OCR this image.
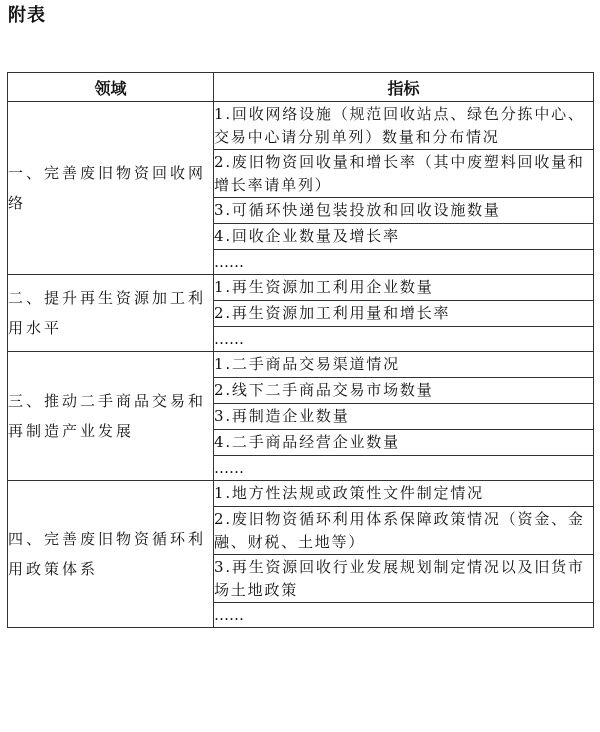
附表
领域	指标
一、完善废旧物资回收网络	1.回收网络设施（规范回收站点、绿色分拣中心、交易中心请分别单列）数量和分布情况
	2.废旧物资回收量和增长率（其中废塑料回收量和增长率请单列）
	3.可循环快递包装投放和回收设施数量
	4.回收企业数量及增长率
	……
二、提升再生资源加工利用水平	1.再生资源加工利用企业数量
	2.再生资源加工利用量和增长率
	……
三、推动二手商品交易和再制造产业发展	1.二手商品交易渠道情况
	2.线下二手商品交易市场数量
	3.再制造企业数量
	4.二手商品经营企业数量
	……
四、完善废旧物资循环利用政策体系	1.地方性法规或政策性文件制定情况
	2.废旧物资循环利用体系保障政策情况（资金、金融、财税、土地等）
	3.再生资源回收行业发展规划制定情况以及旧货市场土地政策
	……
